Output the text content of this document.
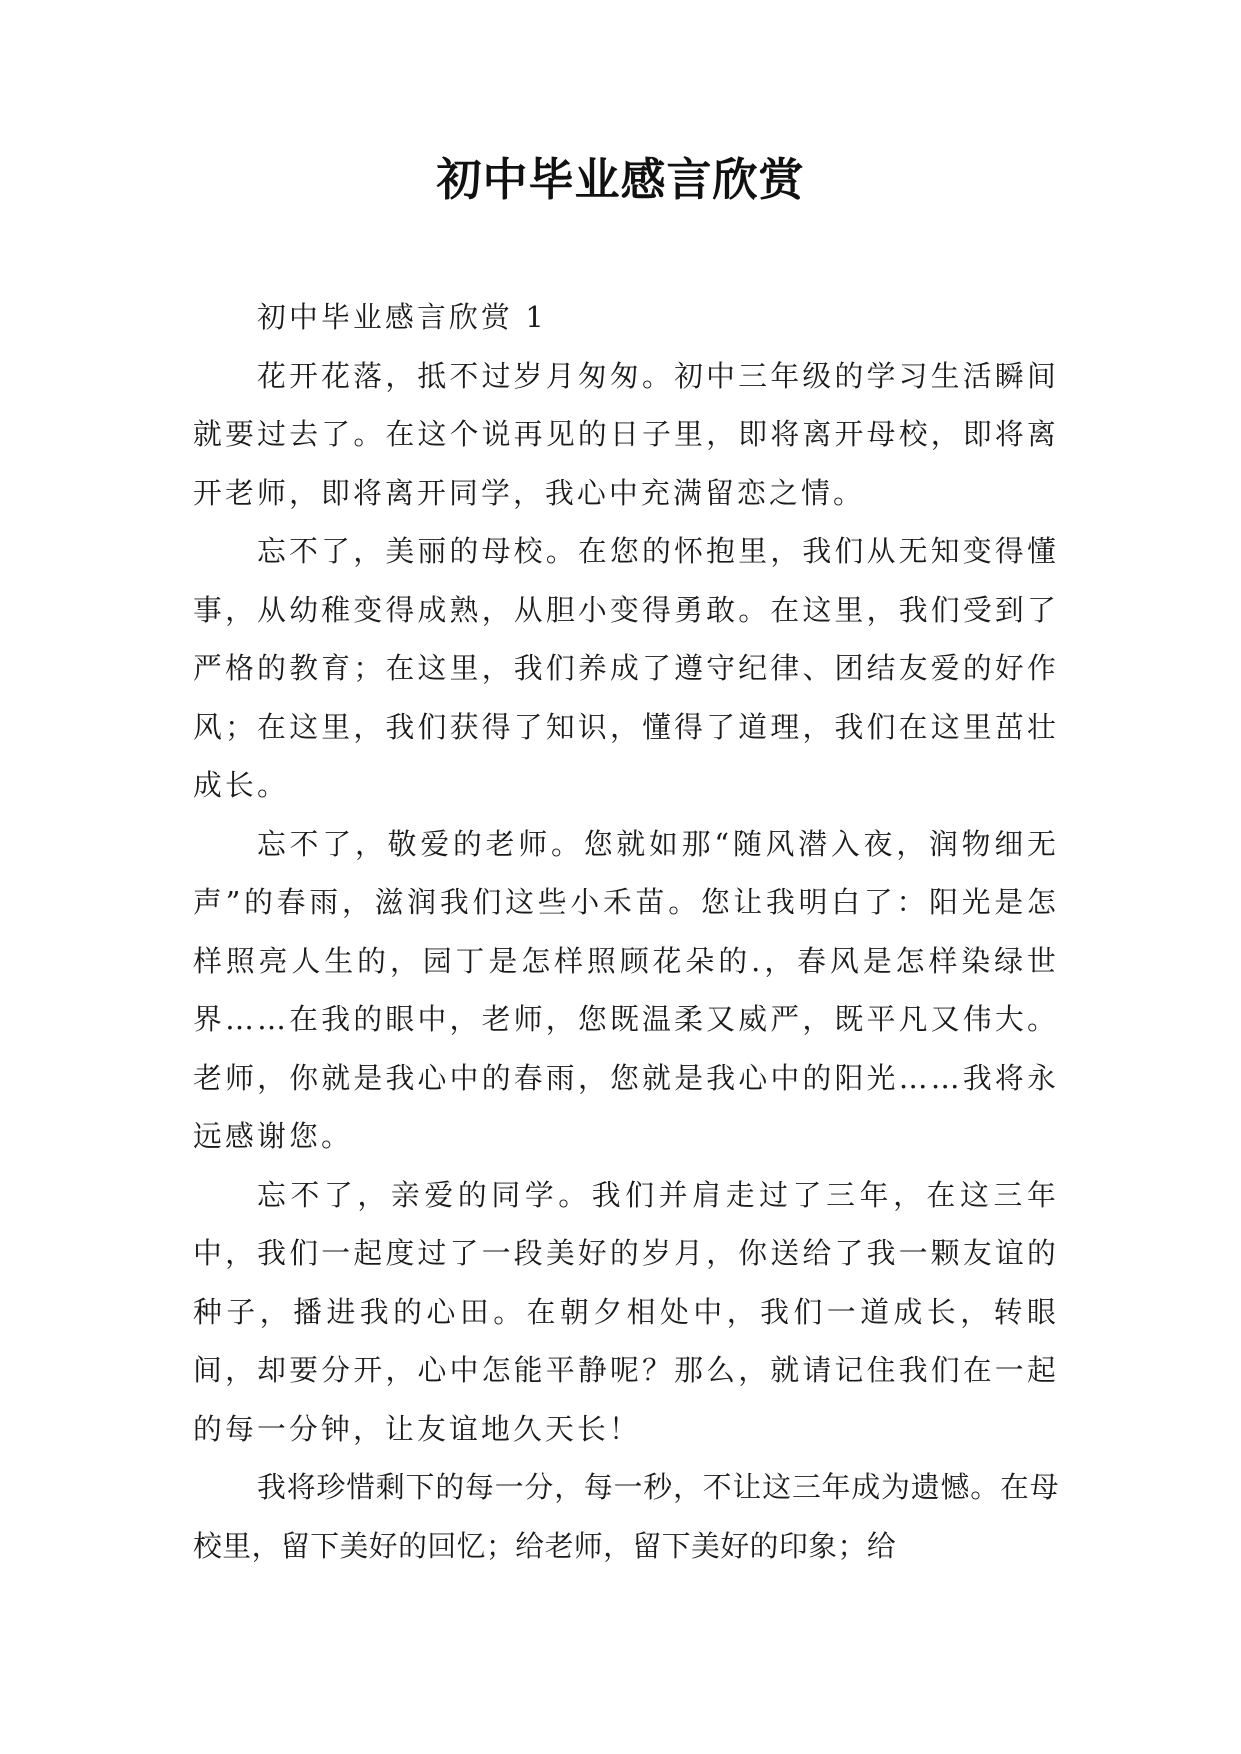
初中毕业感言欣赏

初中毕业感言欣赏 1

花开花落，抵不过岁月匆匆。初中三年级的学习生活瞬间就要过去了。在这个说再见的日子里，即将离开母校，即将离开老师，即将离开同学，我心中充满留恋之情。

忘不了，美丽的母校。在您的怀抱里，我们从无知变得懂事，从幼稚变得成熟，从胆小变得勇敢。在这里，我们受到了严格的教育；在这里，我们养成了遵守纪律、团结友爱的好作风；在这里，我们获得了知识，懂得了道理，我们在这里茁壮成长。

忘不了，敬爱的老师。您就如那“随风潜入夜，润物细无声”的春雨，滋润我们这些小禾苗。您让我明白了：阳光是怎样照亮人生的，园丁是怎样照顾花朵的.，春风是怎样染绿世界……在我的眼中，老师，您既温柔又威严，既平凡又伟大。老师，你就是我心中的春雨，您就是我心中的阳光……我将永远感谢您。

忘不了，亲爱的同学。我们并肩走过了三年，在这三年中，我们一起度过了一段美好的岁月，你送给了我一颗友谊的种子，播进我的心田。在朝夕相处中，我们一道成长，转眼间，却要分开，心中怎能平静呢？那么，就请记住我们在一起的每一分钟，让友谊地久天长！

我将珍惜剩下的每一分，每一秒，不让这三年成为遗憾。在母校里，留下美好的回忆；给老师，留下美好的印象；给
